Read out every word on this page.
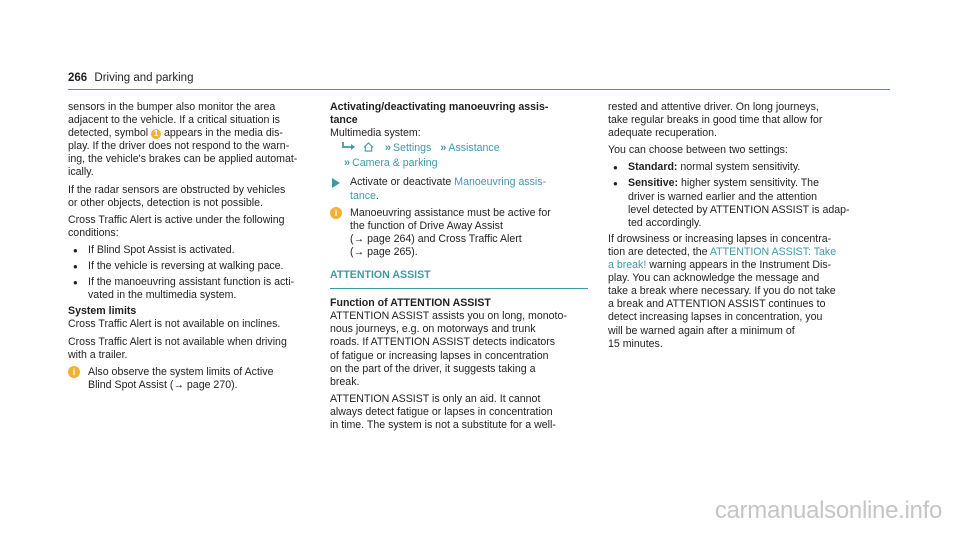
266 Driving and parking

sensors in the bumper also monitor the area
adjacent to the vehicle. If a critical situation is
detected, symbol 1 appears in the media dis-
play. If the driver does not respond to the warn-
ing, the vehicle's brakes can be applied automat-
ically.

If the radar sensors are obstructed by vehicles
or other objects, detection is not possible.

Cross Traffic Alert is active under the following
conditions:

● If Blind Spot Assist is activated.
● If the vehicle is reversing at walking pace.
● If the manoeuvring assistant function is acti-
vated in the multimedia system.

System limits

Cross Traffic Alert is not available on inclines.

Cross Traffic Alert is not available when driving
with a trailer.

i	Also observe the system limits of Active
Blind Spot Assist (→ page 270).

Activating/deactivating manoeuvring assis-
tance

Multimedia system:

» Settings » Assistance
» Camera & parking
Activate or deactivate Manoeuvring assis-
tance.
i	Manoeuvring assistance must be active for
the function of Drive Away Assist
(→ page 264) and Cross Traffic Alert
(→ page 265).
ATTENTION ASSIST

Function of ATTENTION ASSIST

ATTENTION ASSIST assists you on long, monoto-
nous journeys, e.g. on motorways and trunk
roads. If ATTENTION ASSIST detects indicators
of fatigue or increasing lapses in concentration
on the part of the driver, it suggests taking a
break.

ATTENTION ASSIST is only an aid. It cannot
always detect fatigue or lapses in concentration
in time. The system is not a substitute for a well-

rested and attentive driver. On long journeys,
take regular breaks in good time that allow for
adequate recuperation.

You can choose between two settings:

● Standard: normal system sensitivity.
● Sensitive: higher system sensitivity. The
driver is warned earlier and the attention
level detected by ATTENTION ASSIST is adap-
ted accordingly.

If drowsiness or increasing lapses in concentra-
tion are detected, the ATTENTION ASSIST: Take
a break! warning appears in the Instrument Dis-
play. You can acknowledge the message and
take a break where necessary. If you do not take
a break and ATTENTION ASSIST continues to
detect increasing lapses in concentration, you
will be warned again after a minimum of
15 minutes.

carmanualsonline.info
